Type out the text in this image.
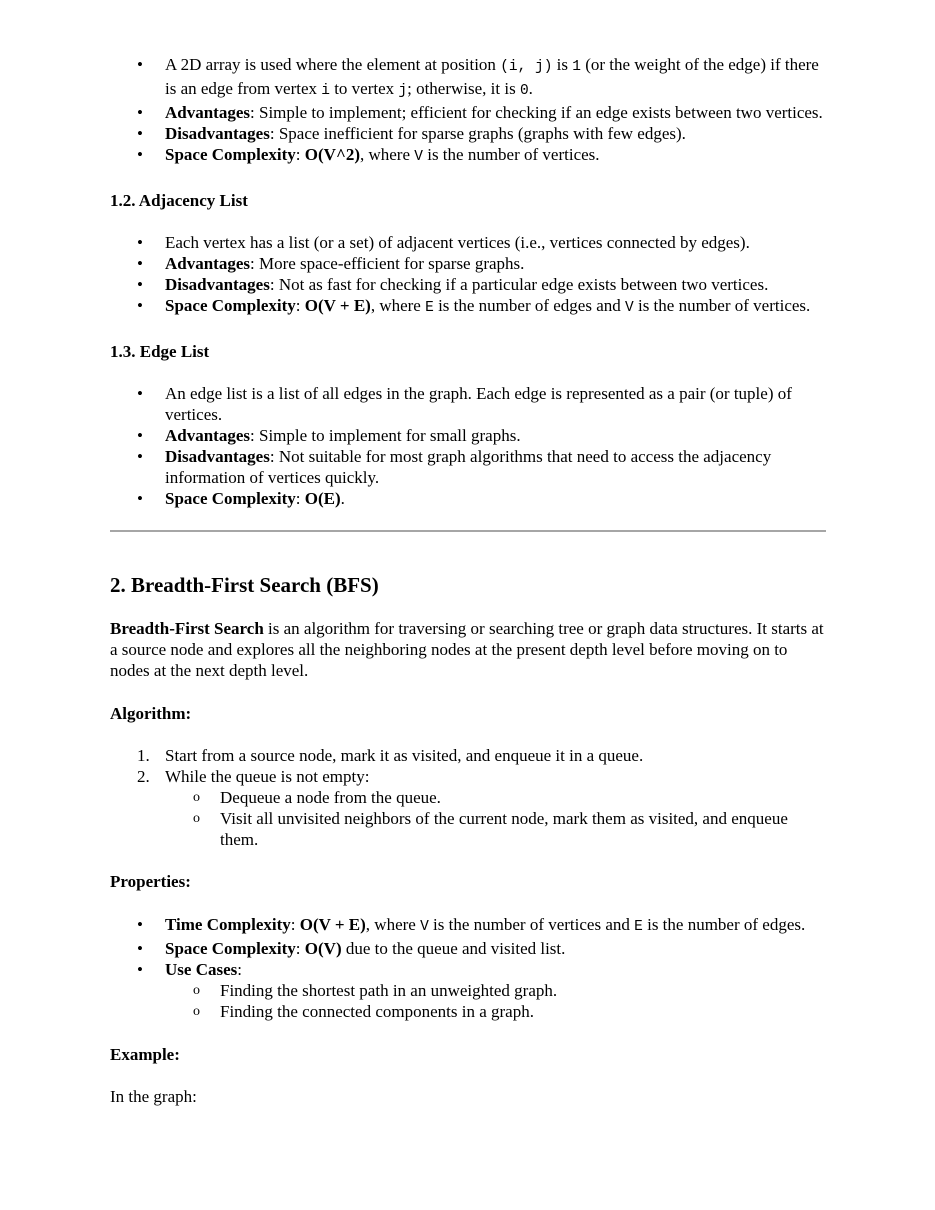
• A 2D array is used where the element at position (i, j) is 1 (or the weight of the edge) if there is an edge from vertex i to vertex j; otherwise, it is 0.
• Advantages: Simple to implement; efficient for checking if an edge exists between two vertices.
• Disadvantages: Space inefficient for sparse graphs (graphs with few edges).
• Space Complexity: O(V^2), where V is the number of vertices.
1.2. Adjacency List
• Each vertex has a list (or a set) of adjacent vertices (i.e., vertices connected by edges).
• Advantages: More space-efficient for sparse graphs.
• Disadvantages: Not as fast for checking if a particular edge exists between two vertices.
• Space Complexity: O(V + E), where E is the number of edges and V is the number of vertices.
1.3. Edge List
• An edge list is a list of all edges in the graph. Each edge is represented as a pair (or tuple) of vertices.
• Advantages: Simple to implement for small graphs.
• Disadvantages: Not suitable for most graph algorithms that need to access the adjacency information of vertices quickly.
• Space Complexity: O(E).
2. Breadth-First Search (BFS)

Breadth-First Search is an algorithm for traversing or searching tree or graph data structures. It starts at a source node and explores all the neighboring nodes at the present depth level before moving on to nodes at the next depth level.

Algorithm:
1. Start from a source node, mark it as visited, and enqueue it in a queue.
2. While the queue is not empty:
o Dequeue a node from the queue.
o Visit all unvisited neighbors of the current node, mark them as visited, and enqueue them.
Properties:
• Time Complexity: O(V + E), where V is the number of vertices and E is the number of edges.
• Space Complexity: O(V) due to the queue and visited list.
• Use Cases:
o Finding the shortest path in an unweighted graph.
o Finding the connected components in a graph.
Example:

In the graph:
